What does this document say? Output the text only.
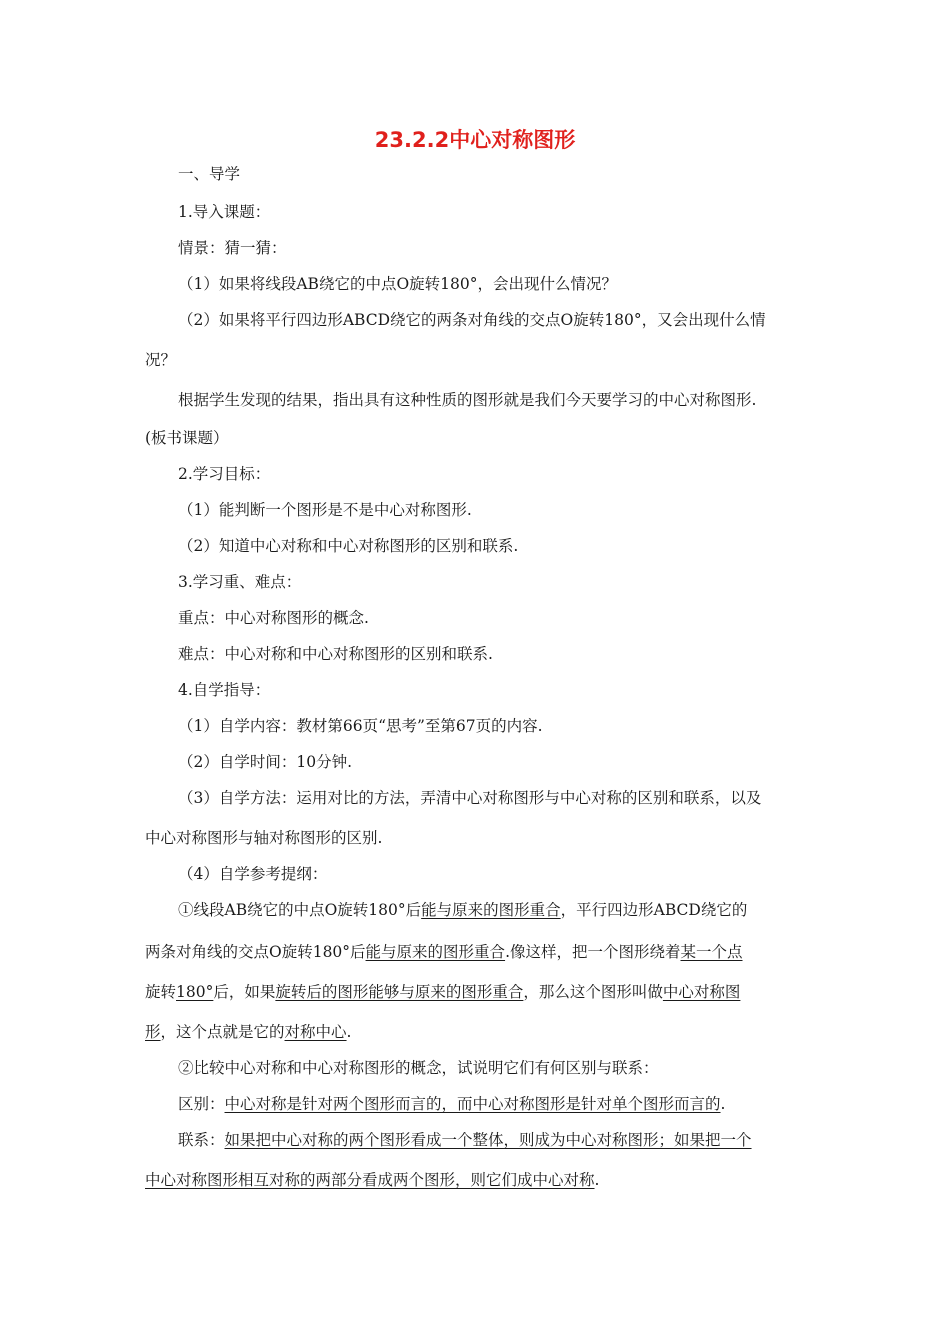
23.2.2中心对称图形
一、导学
1.导入课题：
情景：猜一猜：
（1）如果将线段AB绕它的中点O旋转180°，会出现什么情况？
（2）如果将平行四边形ABCD绕它的两条对角线的交点O旋转180°，又会出现什么情
况？
根据学生发现的结果，指出具有这种性质的图形就是我们今天要学习的中心对称图形.
(板书课题）
2.学习目标：
（1）能判断一个图形是不是中心对称图形.
（2）知道中心对称和中心对称图形的区别和联系.
3.学习重、难点：
重点：中心对称图形的概念.
难点：中心对称和中心对称图形的区别和联系.
4.自学指导：
（1）自学内容：教材第66页“思考”至第67页的内容.
（2）自学时间：10分钟.
（3）自学方法：运用对比的方法，弄清中心对称图形与中心对称的区别和联系，以及
中心对称图形与轴对称图形的区别.
（4）自学参考提纲：
①线段AB绕它的中点O旋转180°后能与原来的图形重合，平行四边形ABCD绕它的
两条对角线的交点O旋转180°后能与原来的图形重合.像这样，把一个图形绕着某一个点
旋转180°后，如果旋转后的图形能够与原来的图形重合，那么这个图形叫做中心对称图
形，这个点就是它的对称中心.
②比较中心对称和中心对称图形的概念，试说明它们有何区别与联系：
区别：中心对称是针对两个图形而言的，而中心对称图形是针对单个图形而言的.
联系：如果把中心对称的两个图形看成一个整体，则成为中心对称图形；如果把一个
中心对称图形相互对称的两部分看成两个图形，则它们成中心对称.
